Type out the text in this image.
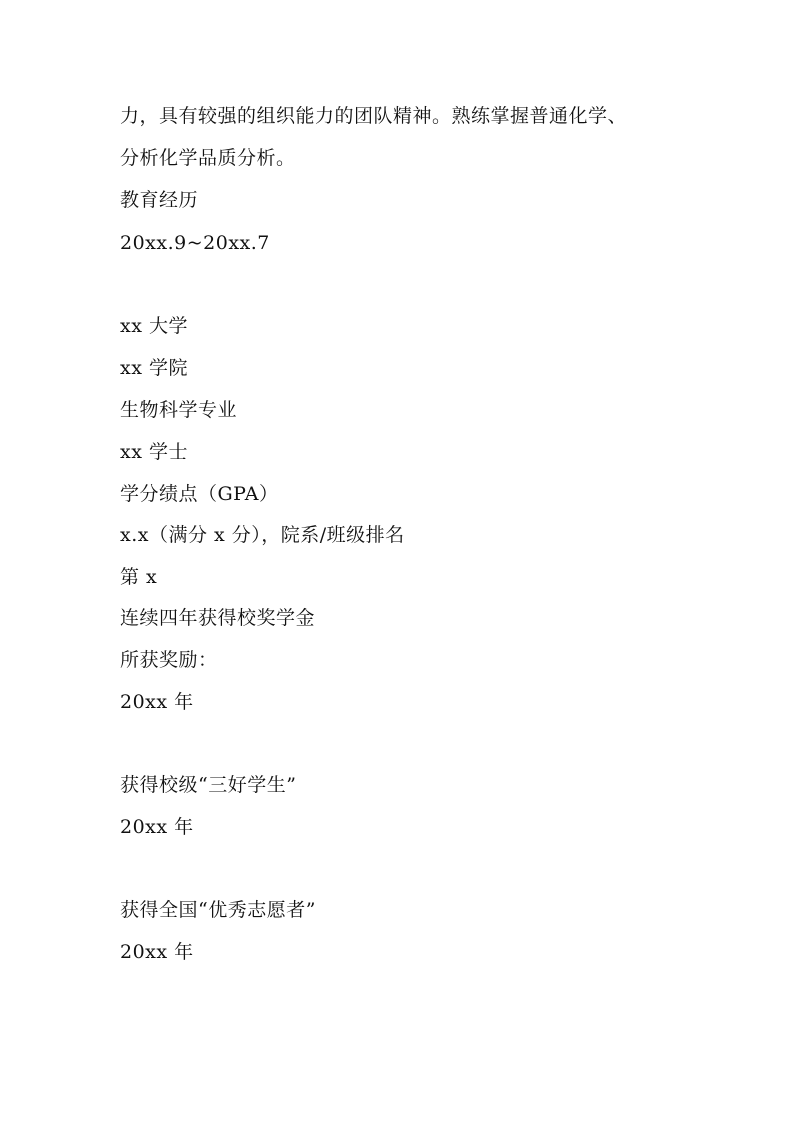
力，具有较强的组织能力的团队精神。熟练掌握普通化学、
分析化学品质分析。
教育经历
20xx.9~20xx.7
xx 大学
xx 学院
生物科学专业
xx 学士
学分绩点（GPA）
x.x（满分 x 分），院系/班级排名
第 x
连续四年获得校奖学金
所获奖励：
20xx 年
获得校级“三好学生”
20xx 年
获得全国“优秀志愿者”
20xx 年
